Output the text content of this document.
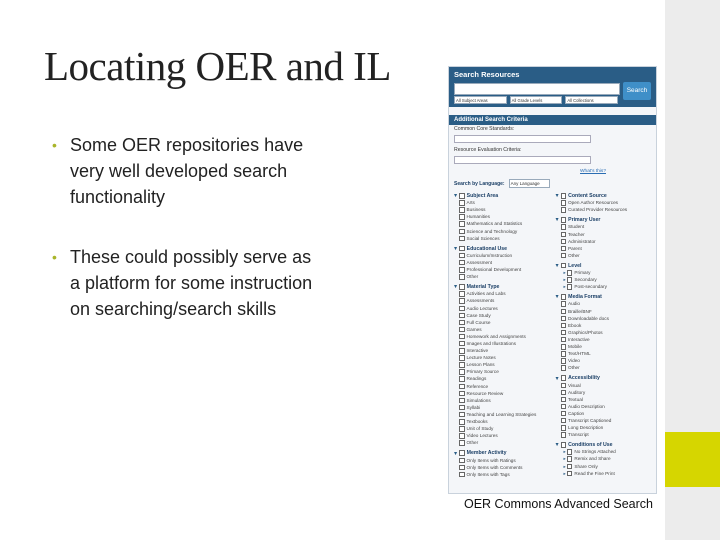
Locating OER and IL
• Some OER repositories have very well developed search functionality
• These could possibly serve as a platform for some instruction on searching/search skills
Search Resources
Search
All Subject Areas	All Grade Levels	All Collections
Additional Search Criteria
Common Core Standards:
Resource Evaluation Criteria:
What's this?
Search by Language:	Any Language
▼ Subject Area
Arts
Business
Humanities
Mathematics and Statistics
Science and Technology
Social Sciences
▼ Educational Use
Curriculum/Instruction
Assessment
Professional Development
Other
▼ Material Type
Activities and Labs
Assessments
Audio Lectures
Case Study
Full Course
Games
Homework and Assignments
Images and Illustrations
Interactive
Lecture Notes
Lesson Plans
Primary Source
Readings
Reference
Resource Review
Simulations
Syllabi
Teaching and Learning Strategies
Textbooks
Unit of Study
Video Lectures
Other
▼ Member Activity
Only Items with Ratings
Only Items with Comments
Only Items with Tags
▼ Content Source
Open Author Resources
Curated Provider Resources
▼ Primary User
Student
Teacher
Administrator
Parent
Other
▼ Level
▸ Primary
▸ Secondary
▸ Post-secondary
▼ Media Format
Audio
Braille/BNF
Downloadable docs
Ebook
Graphics/Photos
Interactive
Mobile
Text/HTML
Video
Other
▼ Accessibility
Visual
Auditory
Textual
Audio Description
Caption
Transcript Captioned
Long Description
Transcript
▼ Conditions of Use
▸ No Strings Attached
▸ Remix and Share
▸ Share Only
▸ Read the Fine Print
OER Commons Advanced Search
